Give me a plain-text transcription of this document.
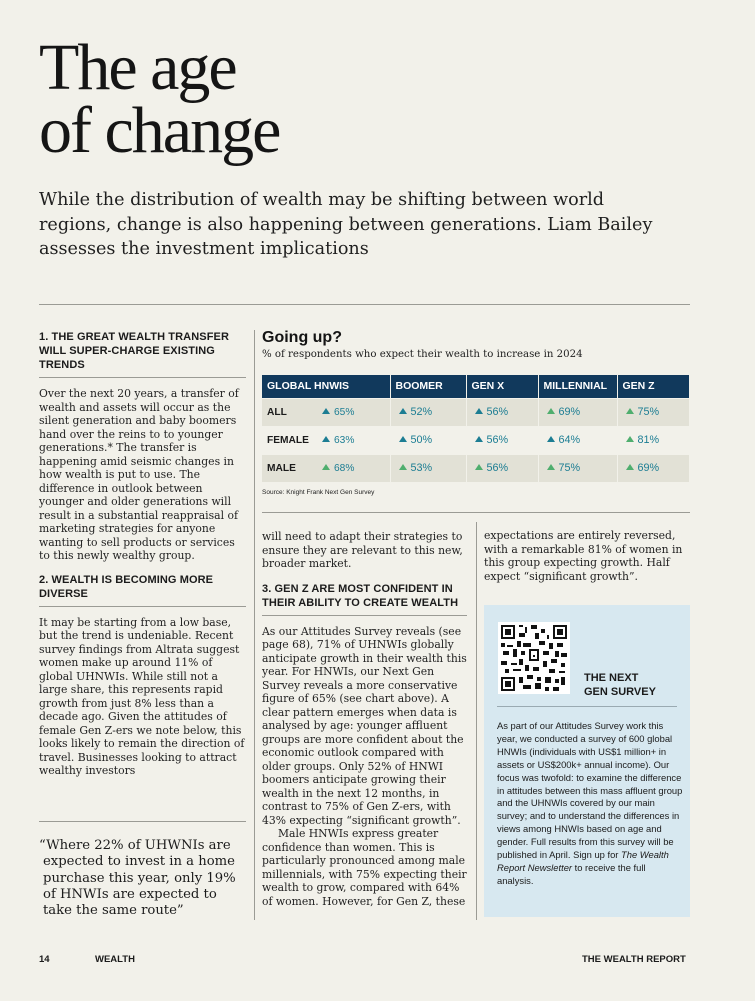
The age
of change
While the distribution of wealth may be shifting between world regions, change is also happening between generations. Liam Bailey assesses the investment implications
1. THE GREAT WEALTH TRANSFER WILL SUPER-CHARGE EXISTING TRENDS
Over the next 20 years, a transfer of wealth and assets will occur as the silent generation and baby boomers hand over the reins to to younger generations.* The transfer is happening amid seismic changes in how wealth is put to use. The difference in outlook between younger and older generations will result in a substantial reappraisal of marketing strategies for anyone wanting to sell products or services to this newly wealthy group.
2. WEALTH IS BECOMING MORE DIVERSE
It may be starting from a low base, but the trend is undeniable. Recent survey findings from Altrata suggest women make up around 11% of global UHNWIs. While still not a large share, this represents rapid growth from just 8% less than a decade ago. Given the attitudes of female Gen Z-ers we note below, this looks likely to remain the direction of travel. Businesses looking to attract wealthy investors
“Where 22% of UHWNIs are
expected to invest in a home
purchase this year, only 19%
of HNWIs are expected to
take the same route”
Going up?
% of respondents who expect their wealth to increase in 2024
GLOBAL HNWIS	BOOMER	GEN X	MILLENNIAL	GEN Z
ALL 65%	52%	56%	69%	75%
FEMALE 63%	50%	56%	64%	81%
MALE 68%	53%	56%	75%	69%
Source: Knight Frank Next Gen Survey
will need to adapt their strategies to ensure they are relevant to this new, broader market.
3. GEN Z ARE MOST CONFIDENT IN THEIR ABILITY TO CREATE WEALTH

As our Attitudes Survey reveals (see page 68), 71% of UHNWIs globally anticipate growth in their wealth this year. For HNWIs, our Next Gen Survey reveals a more conservative figure of 65% (see chart above). A clear pattern emerges when data is analysed by age: younger affluent groups are more confident about the economic outlook compared with older groups. Only 52% of HNWI boomers anticipate growing their wealth in the next 12 months, in contrast to 75% of Gen Z-ers, with 43% expecting “significant growth”.

Male HNWIs express greater confidence than women. This is particularly pronounced among male millennials, with 75% expecting their wealth to grow, compared with 64% of women. However, for Gen Z, these

expectations are entirely reversed, with a remarkable 81% of women in this group expecting growth. Half expect “significant growth”.
THE NEXT
GEN SURVEY
As part of our Attitudes Survey work this year, we conducted a survey of 600 global HNWIs (individuals with US$1 million+ in assets or US$200k+ annual income). Our focus was twofold: to examine the difference in attitudes between this mass affluent group and the UHNWIs covered by our main survey; and to understand the differences in views among HNWIs based on age and gender. Full results from this survey will be published in April. Sign up for The Wealth Report Newsletter to receive the full analysis.
14	WEALTH	THE WEALTH REPORT
